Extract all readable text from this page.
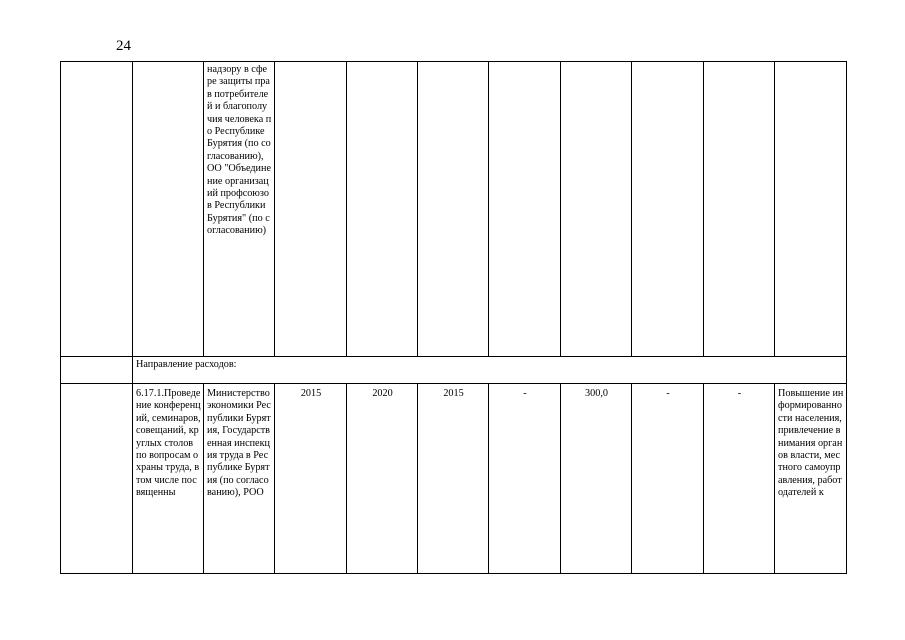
24
		надзору в сфере защиты прав потребителей и благополучия человека по Республике Бурятия (по согласованию), ОО "Объединение организаций профсоюзов Республики Бурятия" (по согласованию)								
	Направление расходов:									
	6.17.1.Проведение конференций, семинаров, совещаний, круглых столов по вопросам охраны труда, в том числе посвященны	Министерство экономики Республики Бурятия, Государственная инспекция труда в Республике Бурятия (по согласованию), РОО	2015	2020	2015	-	300,0	-	-	Повышение информированности населения, привлечение внимания органов власти, местного самоуправления, работодателей к
